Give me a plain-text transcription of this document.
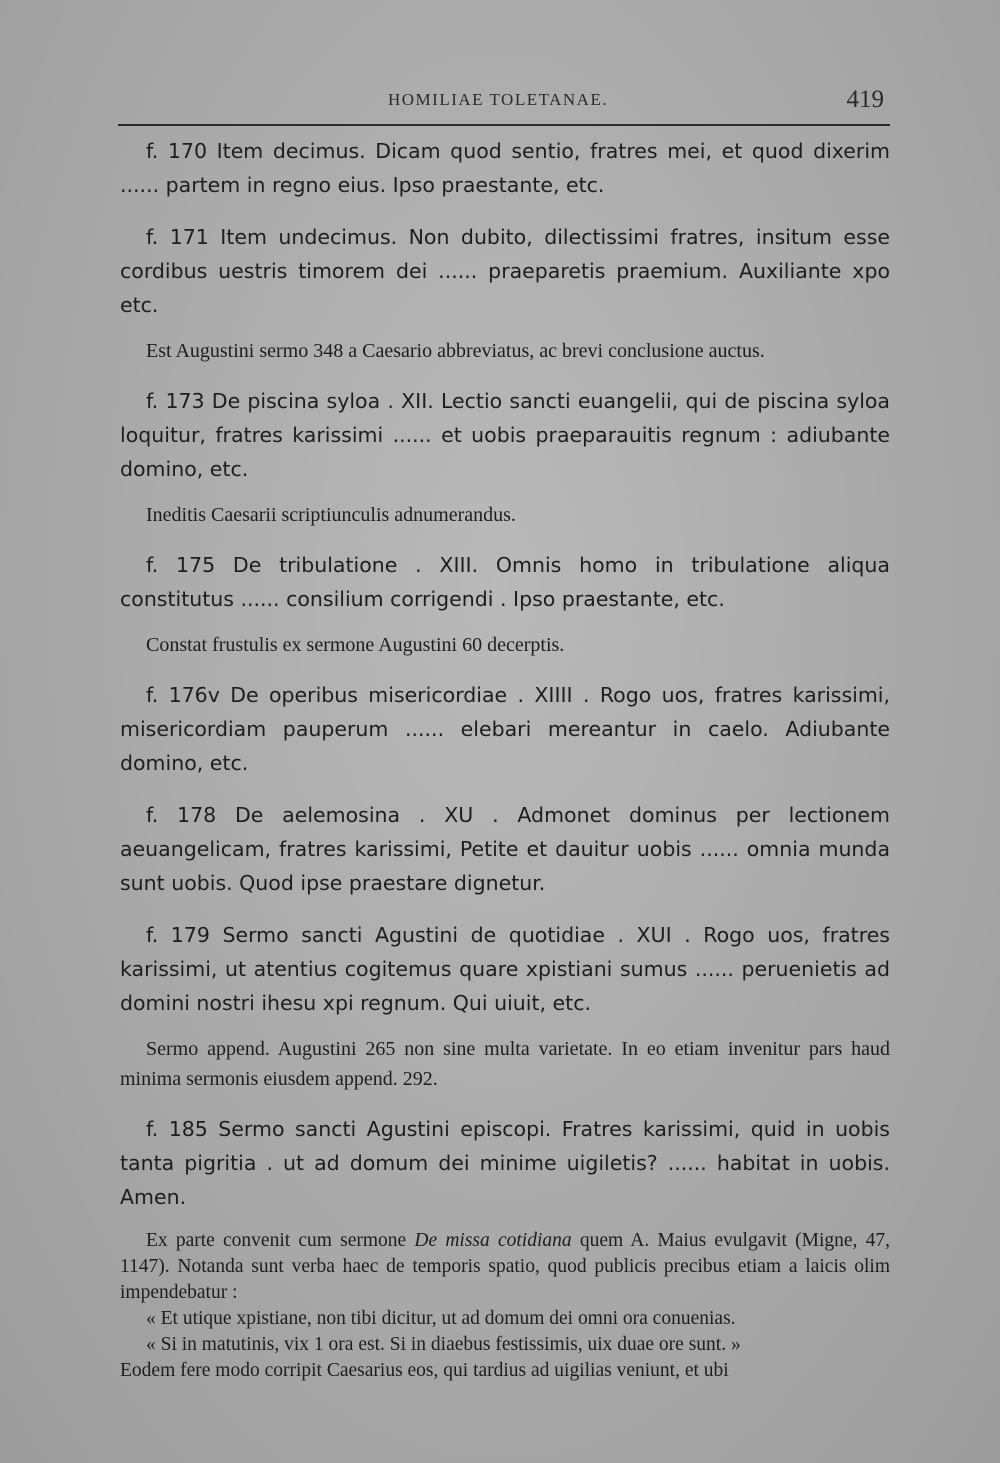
HOMILIAE TOLETANAE.	419

f. 170 Item decimus. Dicam quod sentio, fratres mei, et quod dixerim ...... partem in regno eius. Ipso praestante, etc.

f. 171 Item undecimus. Non dubito, dilectissimi fratres, insitum esse cordibus uestris timorem dei ...... praeparetis praemium. Auxiliante xpo etc.

Est Augustini sermo 348 a Caesario abbreviatus, ac brevi conclusione auctus.

f. 173 De piscina syloa . XII. Lectio sancti euangelii, qui de piscina syloa loquitur, fratres karissimi ...... et uobis praeparauitis regnum : adiubante domino, etc.

Ineditis Caesarii scriptiunculis adnumerandus.

f. 175 De tribulatione . XIII. Omnis homo in tribulatione aliqua constitutus ...... consilium corrigendi . Ipso praestante, etc.

Constat frustulis ex sermone Augustini 60 decerptis.

f. 176v De operibus misericordiae . XIIII . Rogo uos, fratres karissimi, misericordiam pauperum ...... elebari mereantur in caelo. Adiubante domino, etc.

f. 178 De aelemosina . XU . Admonet dominus per lectionem aeuangelicam, fratres karissimi, Petite et dauitur uobis ...... omnia munda sunt uobis. Quod ipse praestare dignetur.

f. 179 Sermo sancti Agustini de quotidiae . XUI . Rogo uos, fratres karissimi, ut atentius cogitemus quare xpistiani sumus ...... peruenietis ad domini nostri ihesu xpi regnum. Qui uiuit, etc.

Sermo append. Augustini 265 non sine multa varietate. In eo etiam invenitur pars haud minima sermonis eiusdem append. 292.

f. 185 Sermo sancti Agustini episcopi. Fratres karissimi, quid in uobis tanta pigritia . ut ad domum dei minime uigiletis? ...... habitat in uobis. Amen.

Ex parte convenit cum sermone De missa cotidiana quem A. Maius evulgavit (Migne, 47, 1147). Notanda sunt verba haec de temporis spatio, quod publicis precibus etiam a laicis olim impendebatur :

« Et utique xpistiane, non tibi dicitur, ut ad domum dei omni ora conuenias.

« Si in matutinis, vix 1 ora est. Si in diaebus festissimis, uix duae ore sunt. »

Eodem fere modo corripit Caesarius eos, qui tardius ad uigilias veniunt, et ubi
